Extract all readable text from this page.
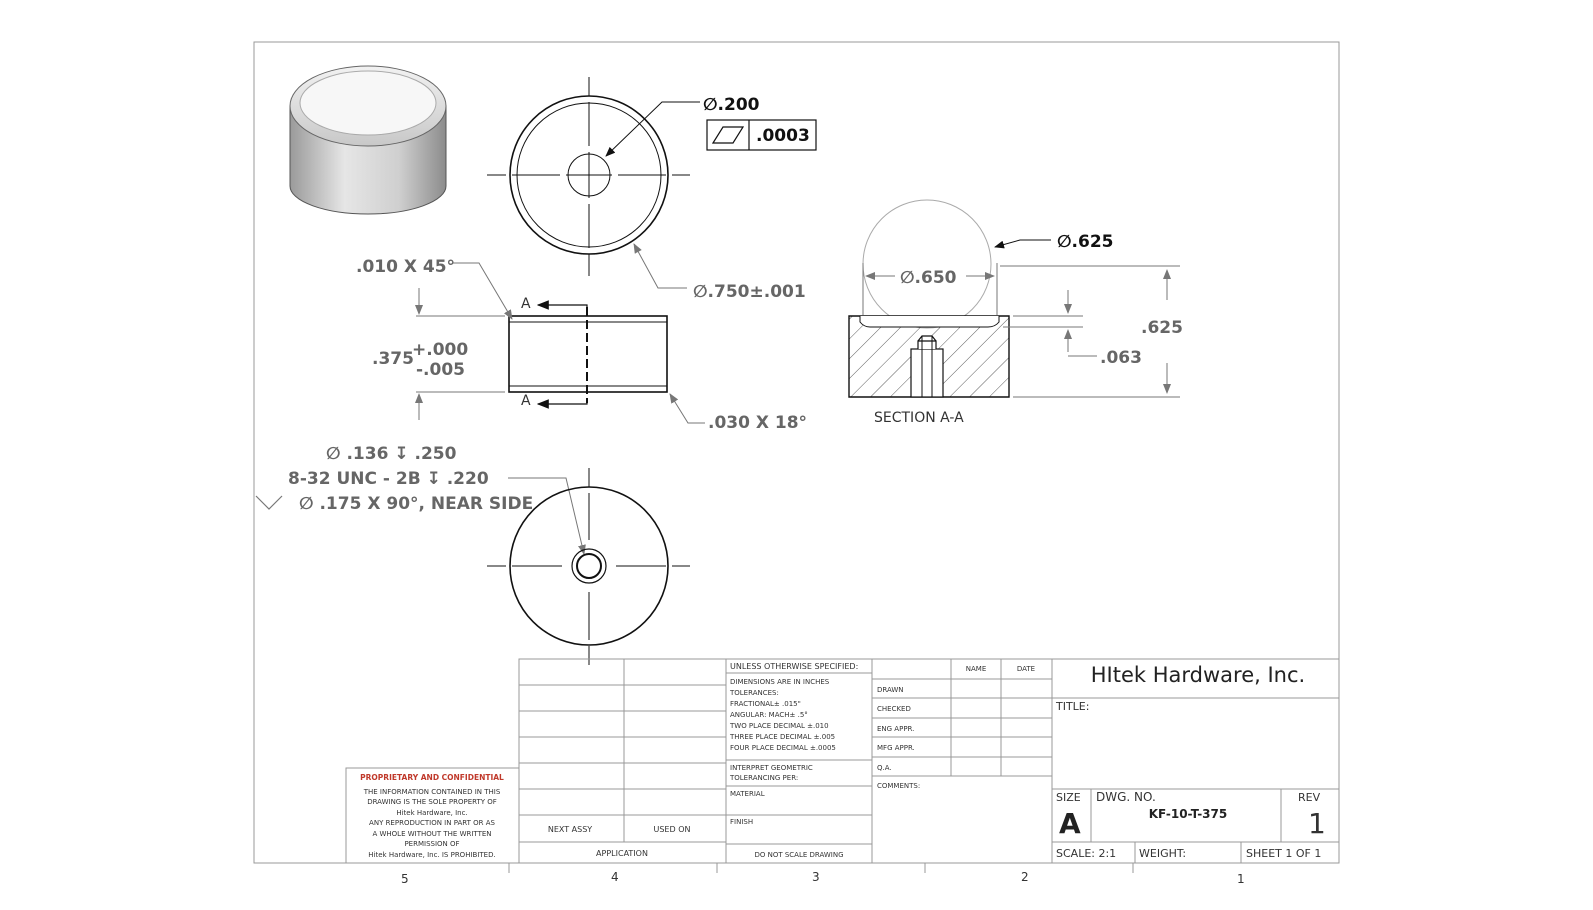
5	4	3	2	1
∅.200
.0003
∅.750±.001
A
A
.010 X 45°
.375
+.000
-.005
.030 X 18°
∅ .136 ↧ .250
8-32 UNC - 2B ↧ .220
∅ .175 X 90°, NEAR SIDE
∅.625
∅.650
.625
.063
SECTION A-A
PROPRIETARY AND CONFIDENTIAL
THE INFORMATION CONTAINED IN THIS
DRAWING IS THE SOLE PROPERTY OF
Hitek Hardware, Inc.
ANY REPRODUCTION IN PART OR AS
A WHOLE WITHOUT THE WRITTEN
PERMISSION OF
Hitek Hardware, Inc. IS PROHIBITED.
NEXT ASSY	USED ON
APPLICATION
UNLESS OTHERWISE SPECIFIED:
DIMENSIONS ARE IN INCHES
TOLERANCES:
FRACTIONAL± .015"
ANGULAR: MACH± .5°
TWO PLACE DECIMAL ±.010
THREE PLACE DECIMAL ±.005
FOUR PLACE DECIMAL ±.0005
INTERPRET GEOMETRIC
TOLERANCING PER:
MATERIAL
FINISH
DO NOT SCALE DRAWING
NAME	DATE
DRAWN
CHECKED
ENG APPR.
MFG APPR.
Q.A.
COMMENTS:
HItek Hardware, Inc.
TITLE:
SIZE
A
DWG. NO.
KF-10-T-375
REV
1
SCALE: 2:1 WEIGHT:	SHEET 1 OF 1
